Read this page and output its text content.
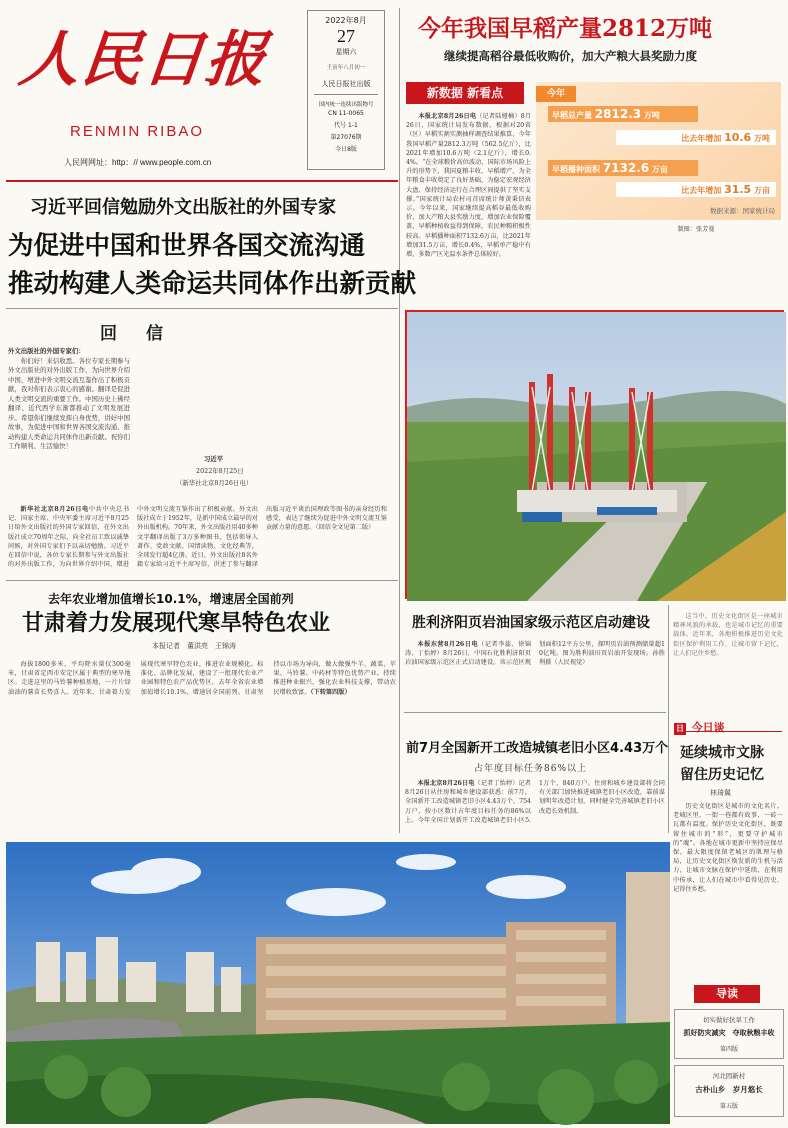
人民日报
RENMIN RIBAO
人民网网址：http：// www.people.com.cn
2022年8月
27
星期六
壬寅年八月初一
人民日报社出版
国内统一连续出版物号
CN 11-0065
代号 1-1
第27076期
今日8版
今年我国早稻产量2812万吨
继续提高稻谷最低收购价，加大产粮大县奖励力度
新数据 新看点

本报北京8月26日电（记者陆娅楠）8月26日，国家统计局发布数据，根据对20省（区）早稻实割实测抽样调查结果推算，今年我国早稻产量2812.3万吨（562.5亿斤），比2021年增加10.6万吨（2.1亿斤），增长0.4%。“在全球粮价高位波动、国际市场风险上升的形势下，我国夏粮丰收、早稻增产，为全年粮食丰收奠定了良好基础，为稳定宏观经济大盘、保持经济运行在合理区间提供了坚实支撑。”国家统计局农村司首席统计师黄秉信表示。今年以来，国家继续提高稻谷最低收购价，加大产粮大县奖励力度，增加农业保险覆盖，早稻种植收益得到保障，农民种粮积极性较高。早稻播种面积7132.6万亩，比2021年增加31.5万亩，增长0.4%，早稻单产稳中有增，多数产区光温水条件总体较好。

今年
早稻总产量 2812.3 万吨
比去年增加 10.6 万吨
早稻播种面积 7132.6 万亩
比去年增加 31.5 万亩
数据来源：国家统计局

制图：张芳曼

习近平回信勉励外文出版社的外国专家
为促进中国和世界各国交流沟通
推动构建人类命运共同体作出新贡献
回　信
外文出版社的外国专家们：

你们好！来信收悉。各位专家长期参与外文出版社的对外出版工作，为向世界介绍中国、增进中外文明交流互鉴作出了积极贡献，我对你们表示衷心的感谢。翻译是促进人类文明交流的重要工作。中国历史上佛经翻译、近代西学东渐都推动了文明发展进步。希望你们继续发挥自身优势，讲好中国故事，为促进中国和世界各国交流沟通、推动构建人类命运共同体作出新贡献。祝你们工作顺利、生活愉快！

习近平
2022年8月25日
（新华社北京8月26日电）

新华社北京8月26日电中共中央总书记、国家主席、中央军委主席习近平8月25日给外文出版社的外国专家回信，在外文出版社成立70周年之际，向全社员工致以诚挚问候，对外国专家们予以亲切勉励。习近平在回信中说，各位专家长期参与外文出版社的对外出版工作，为向世界介绍中国、增进中外文明交流互鉴作出了积极贡献。外文出版社成立于1952年，是新中国成立最早的对外出版机构。70年来，外文出版社用40多种文字翻译出版了3万多种图书，包括领导人著作、党政文献、国情读物、文化经典等，全球发行超4亿册。近日，外文出版社8名外籍专家给习近平主席写信，讲述了参与翻译出版习近平谈治国理政等图书的亲身经历和感受，表达了继续为促进中外文明交流互鉴贡献力量的意愿。（回信全文见第二版）

胜利济阳页岩油国家级示范区启动建设

本报东营8月26日电（记者李蕊、徐锦涛、丁怡婷）8月26日，中国石化胜利济阳页岩油国家级示范区正式启动建设。该示范区规划面积12平方公里，探明页岩油预测储量超10亿吨。图为胜利油田页岩油开发现场。孙胜利摄（人民视觉）

前7月全国新开工改造城镇老旧小区4.43万个
占年度目标任务86%以上

本报北京8月26日电（记者丁怡婷）记者8月26日从住房和城乡建设部获悉：前7月，全国新开工改造城镇老旧小区4.43万个、754万户，按小区数计占年度目标任务的86%以上。今年全国计划新开工改造城镇老旧小区5.1万个、840万户。住房和城乡建设部将会同有关部门加快推进城镇老旧小区改造，靠前谋划明年改造计划，同时健全完善城镇老旧小区改造长效机制。

去年农业增加值增长10.1%，增速居全国前列
甘肃着力发展现代寒旱特色农业
本报记者　董洪亮　王锦涛

海拔1800多米，平均降水量仅300毫米，甘肃省定西市安定区属于典型的寒旱地区。走进这里的马铃薯种植基地，一片片绿油油的薯苗长势喜人。近年来，甘肃着力发展现代寒旱特色农业，推进农业规模化、标准化、品牌化发展，建设了一批现代农业产业园和特色农产品优势区，去年全省农业增加值增长10.1%，增速居全国前列。甘肃坚持以市场为导向，做大做强牛羊、蔬菜、苹果、马铃薯、中药材等特色优势产业，持续推进种业振兴，强化农业科技支撑，带动农民增收致富。（下转第四版）

这当中，历史文化街区是一座城市精神风貌的承载，也是城市记忆的重要载体。近年来，各地积极推进历史文化街区保护利用工作，让城市留下记忆，让人们记住乡愁。

日 今日谈
延续城市文脉
留住历史记忆
林琦翼

历史文化街区是城市的文化名片。老城区里，一街一巷都有故事，一砖一瓦都有温度。保护历史文化街区，既要留住城市的“形”，更要守护城市的“魂”。各地在城市更新中坚持应保尽保，最大限度保留老城区的肌理与格局，让历史文化街区焕发新的生机与活力，让城市文脉在保护中延续、在利用中传承，让人们在城市中看得见历史、记得住乡愁。

导读
切实做好抗旱工作
抓好防灾减灾　夺取秋粮丰收
第四版
河北固新村
古朴山乡　岁月悠长
第五版
